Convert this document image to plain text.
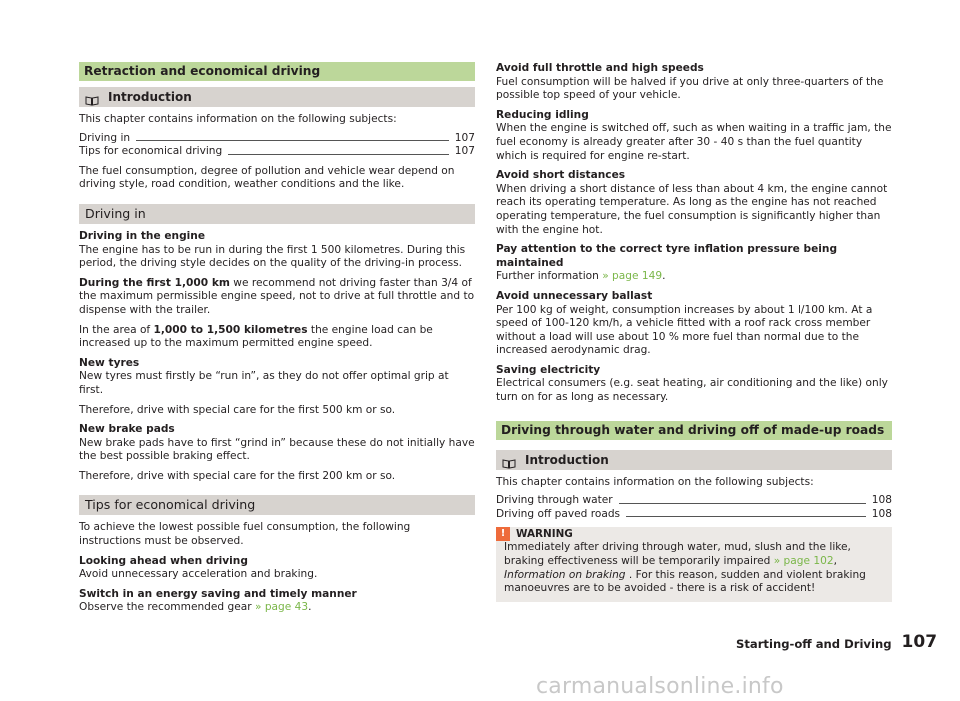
Retraction and economical driving
Introduction

This chapter contains information on the following subjects:

Driving in	107
Tips for economical driving	107

The fuel consumption, degree of pollution and vehicle wear depend on driving style, road condition, weather conditions and the like.

Driving in

Driving in the engine
The engine has to be run in during the first 1 500 kilometres. During this period, the driving style decides on the quality of the driving-in process.

During the first 1,000 km we recommend not driving faster than 3/4 of the maximum permissible engine speed, not to drive at full throttle and to dispense with the trailer.

In the area of 1,000 to 1,500 kilometres the engine load can be increased up to the maximum permitted engine speed.

New tyres
New tyres must firstly be “run in”, as they do not offer optimal grip at first.

Therefore, drive with special care for the first 500 km or so.

New brake pads
New brake pads have to first “grind in” because these do not initially have the best possible braking effect.

Therefore, drive with special care for the first 200 km or so.

Tips for economical driving

To achieve the lowest possible fuel consumption, the following instructions must be observed.

Looking ahead when driving
Avoid unnecessary acceleration and braking.

Switch in an energy saving and timely manner
Observe the recommended gear » page 43.

Avoid full throttle and high speeds
Fuel consumption will be halved if you drive at only three-quarters of the possible top speed of your vehicle.

Reducing idling
When the engine is switched off, such as when waiting in a traffic jam, the fuel economy is already greater after 30 - 40 s than the fuel quantity which is required for engine re-start.

Avoid short distances
When driving a short distance of less than about 4 km, the engine cannot reach its operating temperature. As long as the engine has not reached operating temperature, the fuel consumption is significantly higher than with the engine hot.

Pay attention to the correct tyre inflation pressure being maintained
Further information » page 149.

Avoid unnecessary ballast
Per 100 kg of weight, consumption increases by about 1 l/100 km. At a speed of 100-120 km/h, a vehicle fitted with a roof rack cross member without a load will use about 10 % more fuel than normal due to the increased aerodynamic drag.

Saving electricity
Electrical consumers (e.g. seat heating, air conditioning and the like) only turn on for as long as necessary.

Driving through water and driving off of made-up roads
Introduction

This chapter contains information on the following subjects:

Driving through water	108
Driving off paved roads	108
!	WARNING
Immediately after driving through water, mud, slush and the like, braking effectiveness will be temporarily impaired » page 102, Information on braking . For this reason, sudden and violent braking manoeuvres are to be avoided - there is a risk of accident!
Starting-off and Driving 107
carmanualsonline.info
